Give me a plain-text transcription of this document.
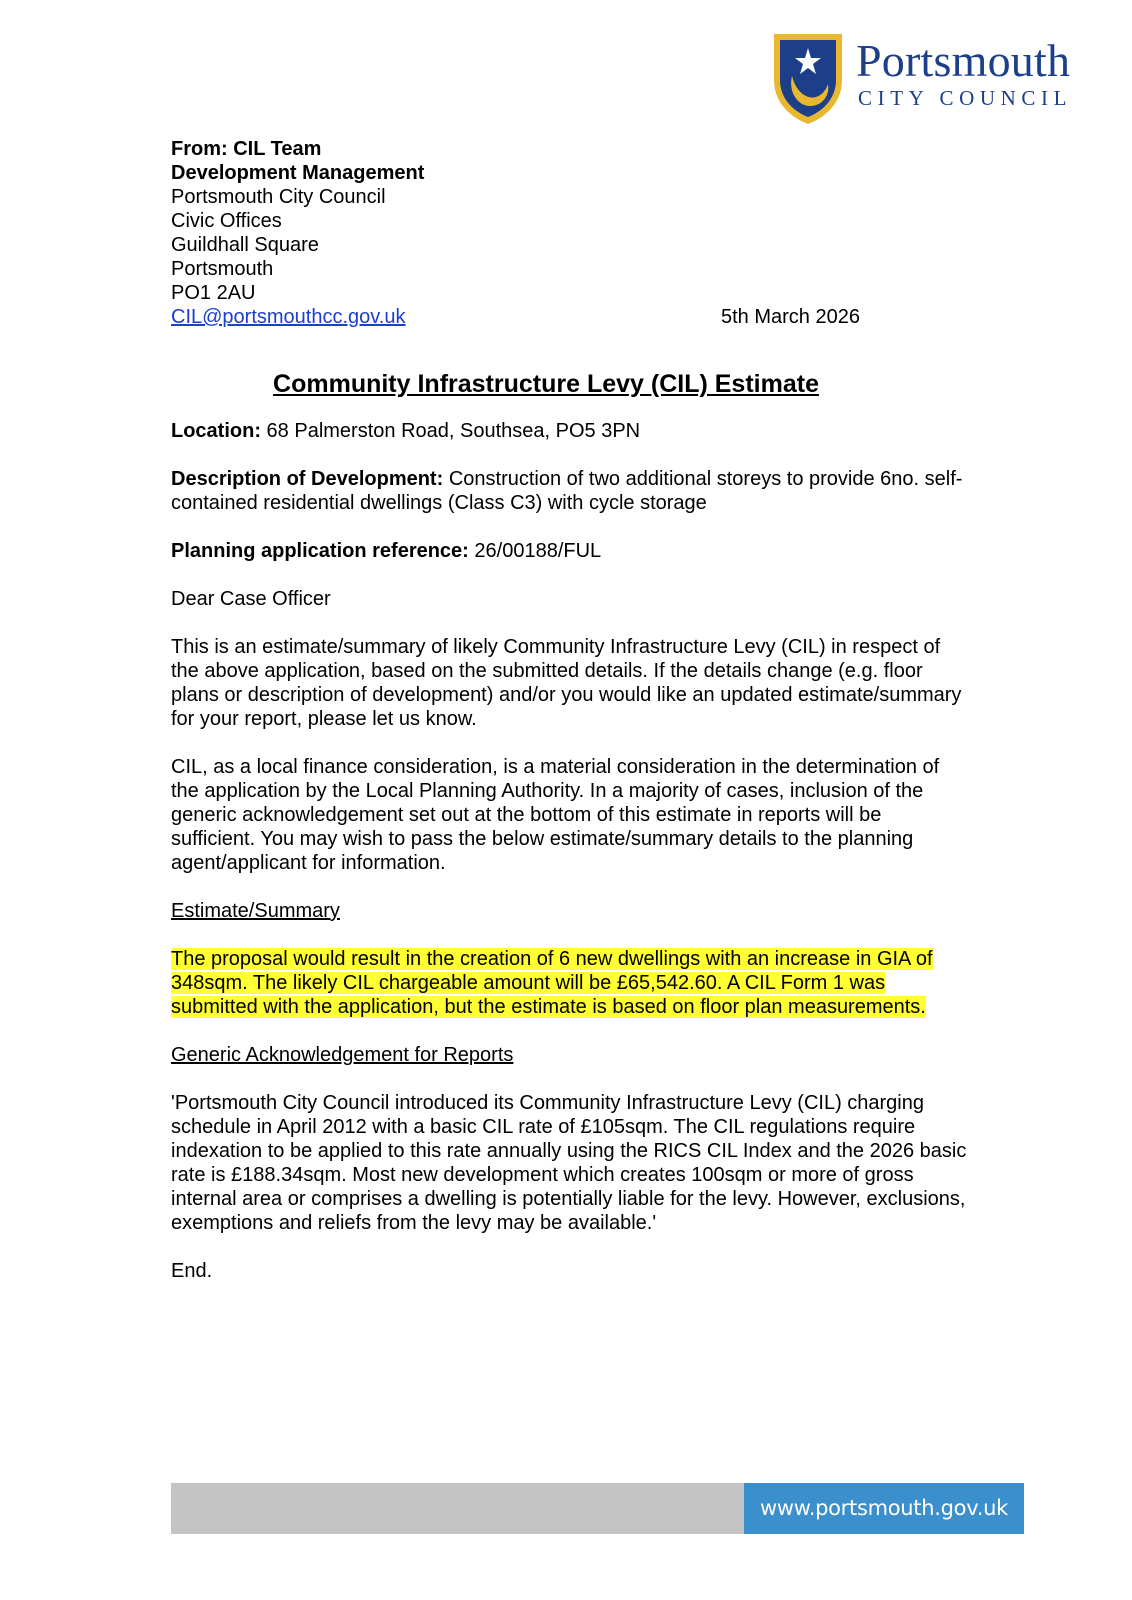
Portsmouth
CITY COUNCIL
From: CIL Team
Development Management
Portsmouth City Council
Civic Offices
Guildhall Square
Portsmouth
PO1 2AU
CIL@portsmouthcc.gov.uk	5th March 2026
Community Infrastructure Levy (CIL) Estimate

Location: 68 Palmerston Road, Southsea, PO5 3PN

Description of Development: Construction of two additional storeys to provide 6no. self-contained residential dwellings (Class C3) with cycle storage

Planning application reference: 26/00188/FUL

Dear Case Officer

This is an estimate/summary of likely Community Infrastructure Levy (CIL) in respect of the above application, based on the submitted details. If the details change (e.g. floor plans or description of development) and/or you would like an updated estimate/summary for your report, please let us know.

CIL, as a local finance consideration, is a material consideration in the determination of the application by the Local Planning Authority. In a majority of cases, inclusion of the generic acknowledgement set out at the bottom of this estimate in reports will be sufficient. You may wish to pass the below estimate/summary details to the planning agent/applicant for information.

Estimate/Summary

The proposal would result in the creation of 6 new dwellings with an increase in GIA of 348sqm. The likely CIL chargeable amount will be £65,542.60. A CIL Form 1 was submitted with the application, but the estimate is based on floor plan measurements.

Generic Acknowledgement for Reports

'Portsmouth City Council introduced its Community Infrastructure Levy (CIL) charging schedule in April 2012 with a basic CIL rate of £105sqm. The CIL regulations require indexation to be applied to this rate annually using the RICS CIL Index and the 2026 basic rate is £188.34sqm. Most new development which creates 100sqm or more of gross internal area or comprises a dwelling is potentially liable for the levy. However, exclusions, exemptions and reliefs from the levy may be available.'

End.

www.portsmouth.gov.uk
